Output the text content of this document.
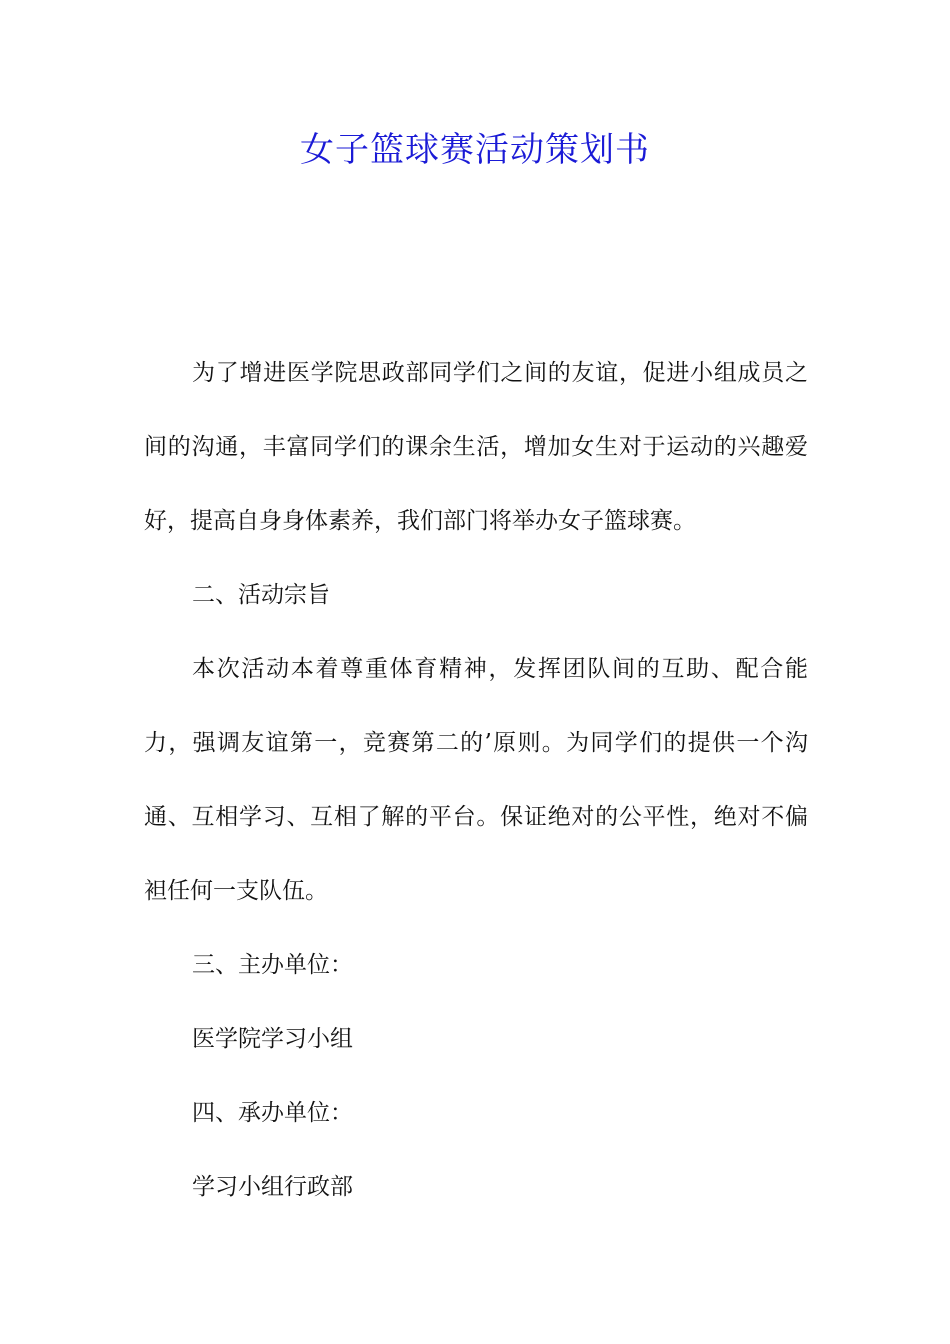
女子篮球赛活动策划书

为了增进医学院思政部同学们之间的友谊，促进小组成员之间的沟通，丰富同学们的课余生活，增加女生对于运动的兴趣爱好，提高自身身体素养，我们部门将举办女子篮球赛。

二、活动宗旨

本次活动本着尊重体育精神，发挥团队间的互助、配合能力，强调友谊第一，竞赛第二的’原则。为同学们的提供一个沟通、互相学习、互相了解的平台。保证绝对的公平性，绝对不偏袒任何一支队伍。

三、主办单位：

医学院学习小组

四、承办单位：

学习小组行政部
